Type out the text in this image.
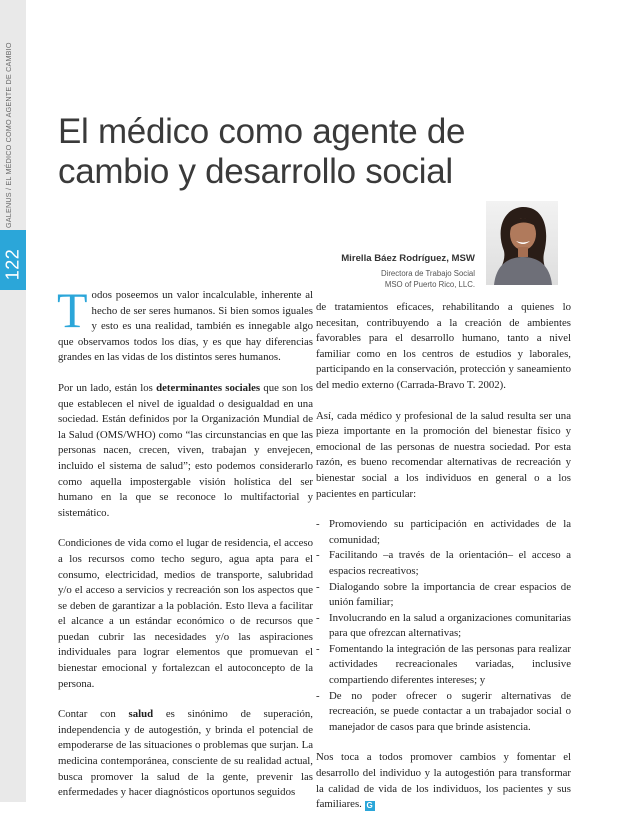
122
GALENUS / EL MÉDICO COMO AGENTE DE CAMBIO El médico como agente de
cambio y desarrollo social
Mirella Báez Rodríguez, MSW
Directora de Trabajo Social
MSO of Puerto Rico, LLC.

Todos poseemos un valor incalculable, inherente al hecho de ser seres humanos. Si bien somos iguales y esto es una realidad, también es innegable algo que observamos todos los días, y es que hay diferencias grandes en las vidas de los distintos seres humanos.

Por un lado, están los determinantes sociales que son los que establecen el nivel de igualdad o desigualdad en una sociedad. Están definidos por la Organización Mundial de la Salud (OMS/WHO) como “las circunstancias en que las personas nacen, crecen, viven, trabajan y envejecen, incluido el sistema de salud”; esto podemos considerarlo como aquella impostergable visión holística del ser humano en la que se reconoce lo multifactorial y sistemático.

Condiciones de vida como el lugar de residencia, el acceso a los recursos como techo seguro, agua apta para el consumo, electricidad, medios de transporte, salubridad y/o el acceso a servicios y recreación son los aspectos que se deben de garantizar a la población. Esto lleva a facilitar el alcance a un estándar económico o de recursos que puedan cubrir las necesidades y/o las aspiraciones individuales para lograr elementos que promuevan el bienestar emocional y fortalezcan el autoconcepto de la persona.

Contar con salud es sinónimo de superación, independencia y de autogestión, y brinda el potencial de empoderarse de las situaciones o problemas que surjan. La medicina contemporánea, consciente de su realidad actual, busca promover la salud de la gente, prevenir las enfermedades y hacer diagnósticos oportunos seguidos

de tratamientos eficaces, rehabilitando a quienes lo necesitan, contribuyendo a la creación de ambientes favorables para el desarrollo humano, tanto a nivel familiar como en los centros de estudios y laborales, participando en la conservación, protección y saneamiento del medio externo (Carrada-Bravo T. 2002).

Así, cada médico y profesional de la salud resulta ser una pieza importante en la promoción del bienestar físico y emocional de las personas de nuestra sociedad. Por esta razón, es bueno recomendar alternativas de recreación y bienestar social a los individuos en general o a los pacientes en particular:

- Promoviendo su participación en actividades de la comunidad;
- Facilitando –a través de la orientación– el acceso a espacios recreativos;
- Dialogando sobre la importancia de crear espacios de unión familiar;
- Involucrando en la salud a organizaciones comunitarias para que ofrezcan alternativas;
- Fomentando la integración de las personas para realizar actividades recreacionales variadas, inclusive compartiendo diferentes intereses; y
- De no poder ofrecer o sugerir alternativas de recreación, se puede contactar a un trabajador social o manejador de casos para que brinde asistencia.

Nos toca a todos promover cambios y fomentar el desarrollo del individuo y la autogestión para transformar la calidad de vida de los individuos, los pacientes y sus familiares. G
